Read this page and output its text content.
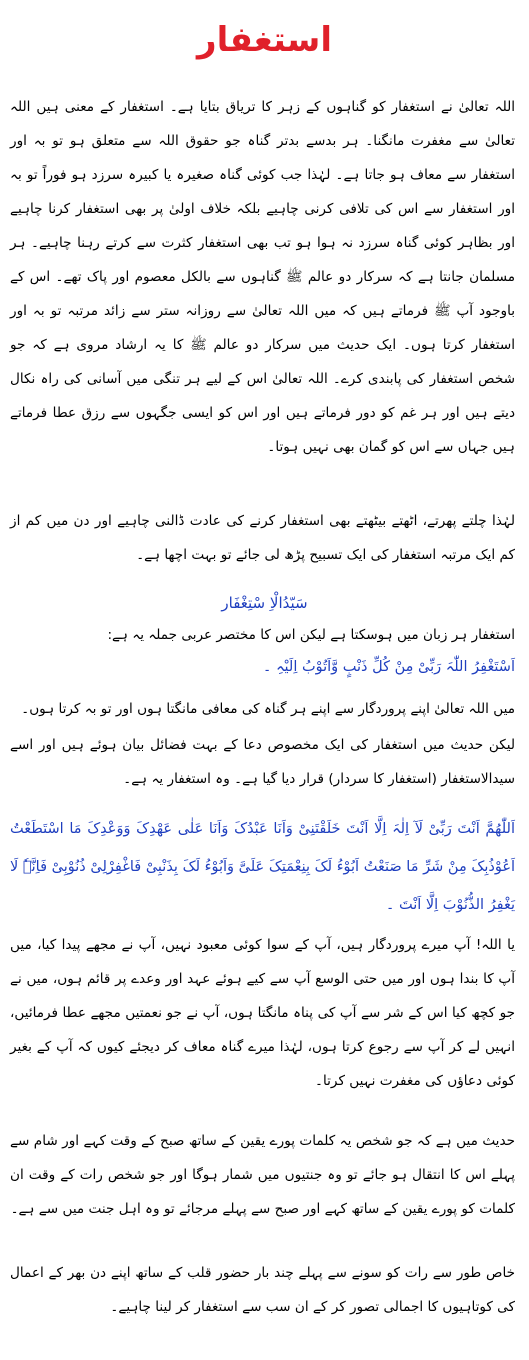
استغفار
اللہ تعالیٰ نے استغفار کو گناہوں کے زہر کا تریاق بتایا ہے۔ استغفار کے معنی ہیں اللہ تعالیٰ سے مغفرت مانگنا۔ ہر بدسے بدتر گناہ جو حقوق اللہ سے متعلق ہو تو بہ اور استغفار سے معاف ہو جاتا ہے۔ لہٰذا جب کوئی گناہ صغیرہ یا کبیرہ سرزد ہو فوراً تو بہ اور استغفار سے اس کی تلافی کرنی چاہیے بلکہ خلاف اولیٰ پر بھی استغفار کرنا چاہیے اور بظاہر کوئی گناہ سرزد نہ ہوا ہو تب بھی استغفار کثرت سے کرتے رہنا چاہیے۔ ہر مسلمان جانتا ہے کہ سرکار دو عالم ﷺ گناہوں سے بالکل معصوم اور پاک تھے۔ اس کے باوجود آپ ﷺ فرماتے ہیں کہ میں اللہ تعالیٰ سے روزانہ ستر سے زائد مرتبہ تو بہ اور استغفار کرتا ہوں۔ ایک حدیث میں سرکار دو عالم ﷺ کا یہ ارشاد مروی ہے کہ جو شخص استغفار کی پابندی کرے۔ اللہ تعالیٰ اس کے لیے ہر تنگی میں آسانی کی راہ نکال دیتے ہیں اور ہر غم کو دور فرماتے ہیں اور اس کو ایسی جگہوں سے رزق عطا فرماتے ہیں جہاں سے اس کو گمان بھی نہیں ہوتا۔
لہٰذا چلتے پھرتے، اٹھتے بیٹھتے بھی استغفار کرنے کی عادت ڈالنی چاہیے اور دن میں کم از کم ایک مرتبہ استغفار کی ایک تسبیح پڑھ لی جائے تو بہت اچھا ہے۔
سَیّدُالْاِ سْتِغْفَار
استغفار ہر زبان میں ہوسکتا ہے لیکن اس کا مختصر عربی جملہ یہ ہے:
اَسْتَغْفِرُ اللّٰہَ رَبِّیْ مِنْ کُلِّ ذَنْبٍ وَّاَتُوْبُ اِلَیْہِ ۔
میں اللہ تعالیٰ اپنے پروردگار سے اپنے ہر گناہ کی معافی مانگتا ہوں اور تو بہ کرتا ہوں۔
لیکن حدیث میں استغفار کی ایک مخصوص دعا کے بہت فضائل بیان ہوئے ہیں اور اسے سیدالاستغفار (استغفار کا سردار) قرار دیا گیا ہے۔ وہ استغفار یہ ہے۔
اَللّٰھُمَّ اَنْتَ رَبِّیْ لَآ اِلٰہَ اِلَّا اَنْتَ خَلَقْتَنِیْ وَاَنَا عَبْدُکَ وَاَنَا عَلٰی عَھْدِکَ وَوَعْدِکَ مَا اسْتَطَعْتُ اَعُوْذُبِکَ مِنْ شَرِّ مَا صَنَعْتُ اَبُوْءُ لَکَ بِنِعْمَتِکَ عَلَیَّ وَاَبُوْءُ لَکَ بِذَنْبِیْ فَاغْفِرْلِیْ ذُنُوْبِیْ فَاِنَّہٗ لَا یَغْفِرُ الذُّنُوْبَ اِلَّا اَنْتَ ۔
یا اللہ! آپ میرے پروردگار ہیں، آپ کے سوا کوئی معبود نہیں، آپ نے مجھے پیدا کیا، میں آپ کا بندا ہوں اور میں حتی الوسع آپ سے کیے ہوئے عہد اور وعدے پر قائم ہوں، میں نے جو کچھ کیا اس کے شر سے آپ کی پناہ مانگتا ہوں، آپ نے جو نعمتیں مجھے عطا فرمائیں، انہیں لے کر آپ سے رجوع کرتا ہوں، لہٰذا میرے گناہ معاف کر دیجئے کیوں کہ آپ کے بغیر کوئی دعاؤں کی مغفرت نہیں کرتا۔
حدیث میں ہے کہ جو شخص یہ کلمات پورے یقین کے ساتھ صبح کے وقت کہے اور شام سے پہلے اس کا انتقال ہو جائے تو وہ جنتیوں میں شمار ہوگا اور جو شخص رات کے وقت ان کلمات کو پورے یقین کے ساتھ کہے اور صبح سے پہلے مرجائے تو وہ اہل جنت میں سے ہے۔
خاص طور سے رات کو سونے سے پہلے چند بار حضور قلب کے ساتھ اپنے دن بھر کے اعمال کی کوتاہیوں کا اجمالی تصور کر کے ان سب سے استغفار کر لینا چاہیے۔
